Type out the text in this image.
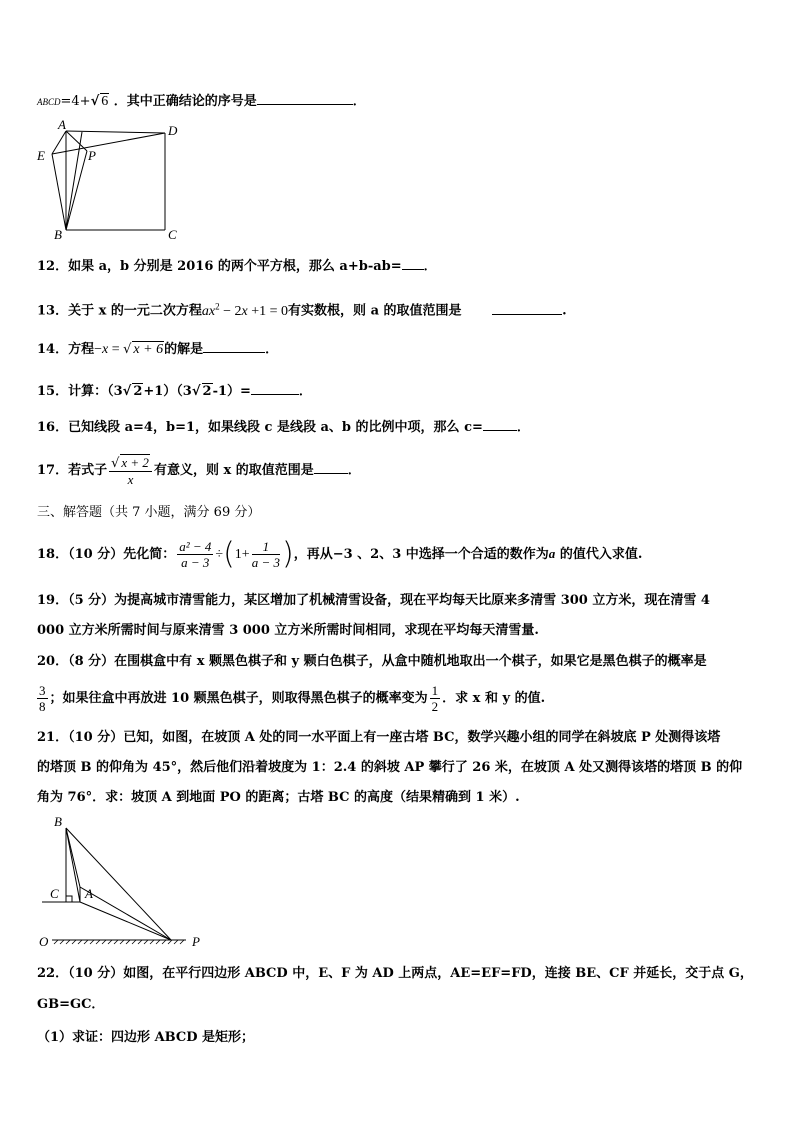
ABCD=4+√ 6 ．其中正确结论的序号是	．
A	D
E	P
B	C
12．如果 a，b 分别是 2016 的两个平方根，那么 a+b-ab= ．
13．关于 x 的一元二次方程$ax^2 - 2x +1 = 0$有实数根，则 a 的取值范围是	.
14．方程−x = √ x + 6的解是	．
15．计算：（3√ 2+1）（3√ 2-1）=	．
16．已知线段 a=4，b=1，如果线段 c 是线段 a、b 的比例中项，那么 c=	．
17．若式子 $\frac{√ x + 2}{x}$ 有意义，则 x 的取值范围是	．
三、解答题（共 7 小题，满分 69 分）
18．（10 分）先化简： $\frac{\text{a² − 4}}{a - 3} \div(1+ \frac{1}{a - 3}$ )，再从−3 、2、3 中选择一个合适的数作为a 的值代入求值.
19．（5 分）为提高城市清雪能力，某区增加了机械清雪设备，现在平均每天比原来多清雪 300 立方米，现在清雪 4
000 立方米所需时间与原来清雪 3 000 立方米所需时间相同，求现在平均每天清雪量.
20．（8 分）在围棋盒中有 x 颗黑色棋子和 y 颗白色棋子，从盒中随机地取出一个棋子，如果它是黑色棋子的概率是
$\frac{3}{8}$ ；如果往盒中再放进 10 颗黑色棋子，则取得黑色棋子的概率变为 $\frac{1}{2}$ ．求 x 和 y 的值.
21．（10 分）已知，如图，在坡顶 A 处的同一水平面上有一座古塔 BC，数学兴趣小组的同学在斜坡底 P 处测得该塔
的塔顶 B 的仰角为 45°，然后他们沿着坡度为 1：2.4 的斜坡 AP 攀行了 26 米，在坡顶 A 处又测得该塔的塔顶 B 的仰
角为 76°．求：坡顶 A 到地面 PO 的距离；古塔 BC 的高度（结果精确到 1 米）.
B
C A
O	P
22．（10 分）如图，在平行四边形 ABCD 中，E、F 为 AD 上两点，AE=EF=FD，连接 BE、CF 并延长，交于点 G，
GB=GC．
（1）求证：四边形 ABCD 是矩形；
